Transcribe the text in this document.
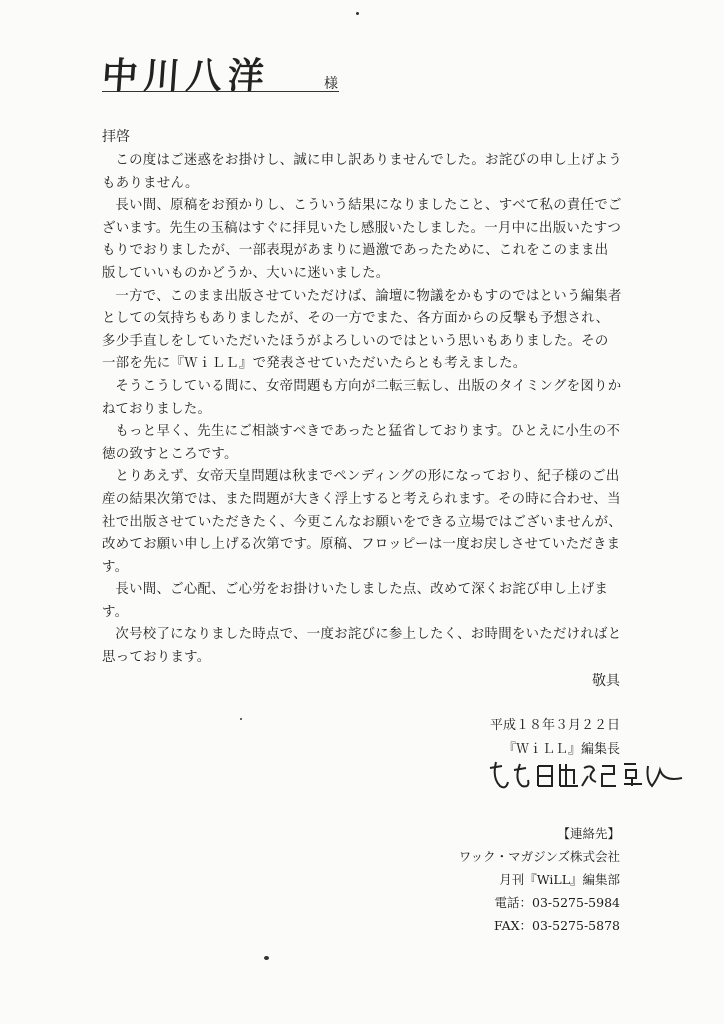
中川八洋	様
拝啓

この度はご迷惑をお掛けし、誠に申し訳ありませんでした。お詫びの申し上げようもありません。

長い間、原稿をお預かりし、こういう結果になりましたこと、すべて私の責任でございます。先生の玉稿はすぐに拝見いたし感服いたしました。一月中に出版いたすつもりでおりましたが、一部表現があまりに過激であったために、これをこのまま出版していいものかどうか、大いに迷いました。

一方で、このまま出版させていただけば、論壇に物議をかもすのではという編集者としての気持ちもありましたが、その一方でまた、各方面からの反撃も予想され、多少手直しをしていただいたほうがよろしいのではという思いもありました。その一部を先に『ＷｉＬＬ』で発表させていただいたらとも考えました。

そうこうしている間に、女帝問題も方向が二転三転し、出版のタイミングを図りかねておりました。

もっと早く、先生にご相談すべきであったと猛省しております。ひとえに小生の不徳の致すところです。

とりあえず、女帝天皇問題は秋までペンディングの形になっており、紀子様のご出産の結果次第では、また問題が大きく浮上すると考えられます。その時に合わせ、当社で出版させていただきたく、今更こんなお願いをできる立場ではございませんが、改めてお願い申し上げる次第です。原稿、フロッピーは一度お戻しさせていただきます。

長い間、ご心配、ご心労をお掛けいたしました点、改めて深くお詫び申し上げます。

次号校了になりました時点で、一度お詫びに参上したく、お時間をいただければと思っております。

敬具
平成１８年３月２２日
『ＷｉＬＬ』編集長
【連絡先】
ワック・マガジンズ株式会社
月刊『WiLL』編集部
電話：03-5275-5984
FAX：03-5275-5878
